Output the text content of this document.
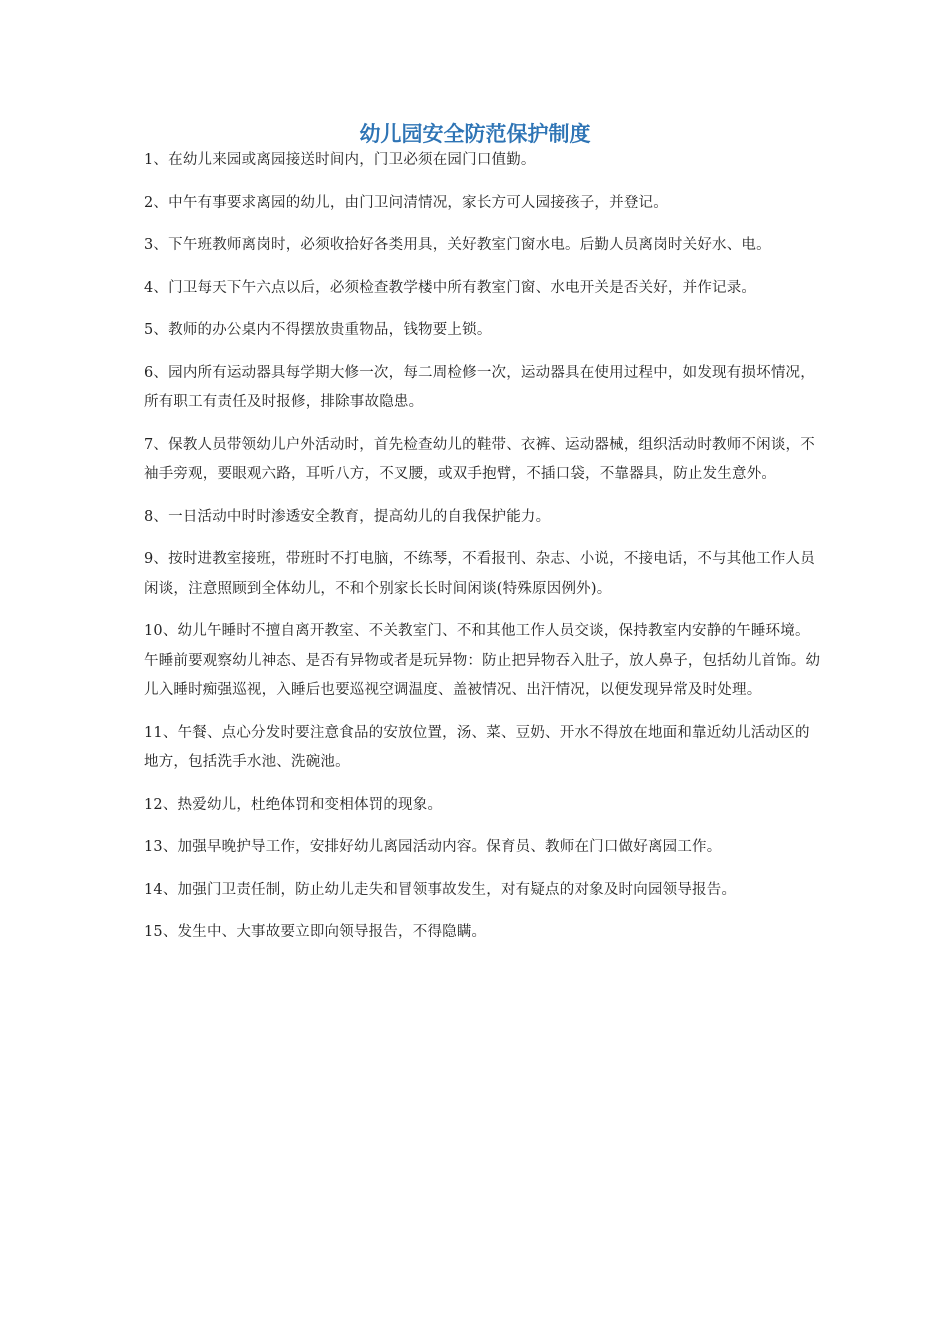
幼儿园安全防范保护制度

1、在幼儿来园或离园接送时间内，门卫必须在园门口值勤。

2、中午有事要求离园的幼儿，由门卫问清情况，家长方可人园接孩子，并登记。

3、下午班教师离岗时，必须收拾好各类用具，关好教室门窗水电。后勤人员离岗时关好水、电。

4、门卫每天下午六点以后，必须检查教学楼中所有教室门窗、水电开关是否关好，并作记录。

5、教师的办公桌内不得摆放贵重物品，钱物要上锁。

6、园内所有运动器具每学期大修一次，每二周检修一次，运动器具在使用过程中，如发现有损坏情况，所有职工有责任及时报修，排除事故隐患。

7、保教人员带领幼儿户外活动时，首先检查幼儿的鞋带、衣裤、运动器械，组织活动时教师不闲谈，不袖手旁观，要眼观六路，耳听八方，不叉腰，或双手抱臂，不插口袋，不靠器具，防止发生意外。

8、一日活动中时时渗透安全教育，提高幼儿的自我保护能力。

9、按时进教室接班，带班时不打电脑，不练琴，不看报刊、杂志、小说，不接电话，不与其他工作人员闲谈，注意照顾到全体幼儿，不和个别家长长时间闲谈(特殊原因例外)。

10、幼儿午睡时不擅自离开教室、不关教室门、不和其他工作人员交谈，保持教室内安静的午睡环境。午睡前要观察幼儿神态、是否有异物或者是玩异物：防止把异物吞入肚子，放人鼻子，包括幼儿首饰。幼儿入睡时痴强巡视，入睡后也要巡视空调温度、盖被情况、出汗情况，以便发现异常及时处理。

11、午餐、点心分发时要注意食品的安放位置，汤、菜、豆奶、开水不得放在地面和靠近幼儿活动区的地方，包括洗手水池、洗碗池。

12、热爱幼儿，杜绝体罚和变相体罚的现象。

13、加强早晚护导工作，安排好幼儿离园活动内容。保育员、教师在门口做好离园工作。

14、加强门卫责任制，防止幼儿走失和冒领事故发生，对有疑点的对象及时向园领导报告。

15、发生中、大事故要立即向领导报告，不得隐瞒。
